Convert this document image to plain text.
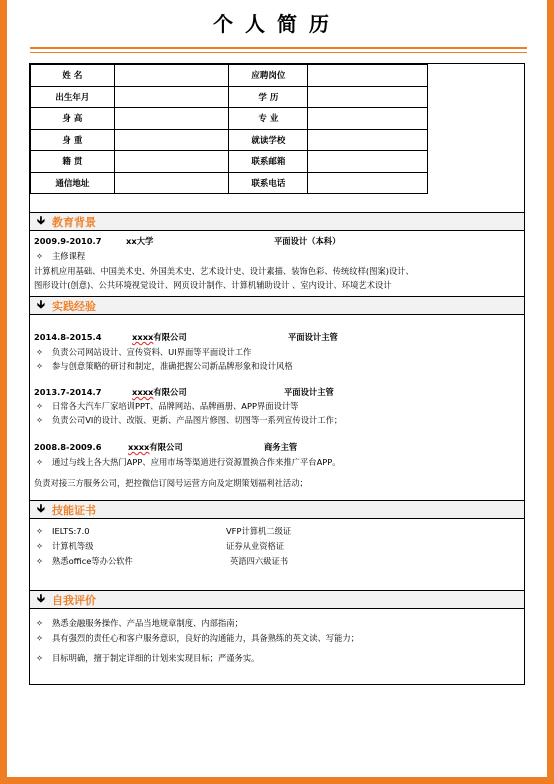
个人简历
姓 名		应聘岗位	
出生年月		学 历	
身 高		专 业	
身 重		就读学校	
籍 贯		联系邮箱	
通信地址		联系电话	
🡳 教育背景
2009.9-2010.7	xx大学	平面设计（本科）
✧ 主修课程
计算机应用基础、中国美术史、外国美术史、艺术设计史、设计素描、装饰色彩、传统纹样(图案)设计、
图形设计(创意)、公共环境视觉设计、网页设计制作、计算机辅助设计 、室内设计、环境艺术设计
🡳 实践经验
2014.8-2015.4	xxxx有限公司	平面设计主管
✧ 负责公司网站设计、宣传资料、UI界面等平面设计工作
✧ 参与创意策略的研讨和制定，准确把握公司新品牌形象和设计风格
2013.7-2014.7	xxxx有限公司	平面设计主管
✧ 日常各大汽车厂家培训PPT、品牌网站、品牌画册、APP界面设计等
✧ 负责公司VI的设计、改版、更新、产品图片修图、切图等一系列宣传设计工作；
2008.8-2009.6	xxxx有限公司	商务主管
✧ 通过与线上各大热门APP、应用市场等渠道进行资源置换合作来推广平台APP。
负责对接三方服务公司，把控微信订阅号运营方向及定期策划福利社活动；
🡳 技能证书
✧ IELTS:7.0	VFP计算机二级证
✧ 计算机等级	证券从业资格证
✧ 熟悉office等办公软件	英語四六級证书
🡳 自我评价
✧ 熟悉金融服务操作、产品当地规章制度、内部指南；
✧ 具有强烈的责任心和客户服务意识，良好的沟通能力，具备熟练的英文读、写能力；
✧ 目标明确，擅于制定详细的计划来实现目标；严谨务实。
